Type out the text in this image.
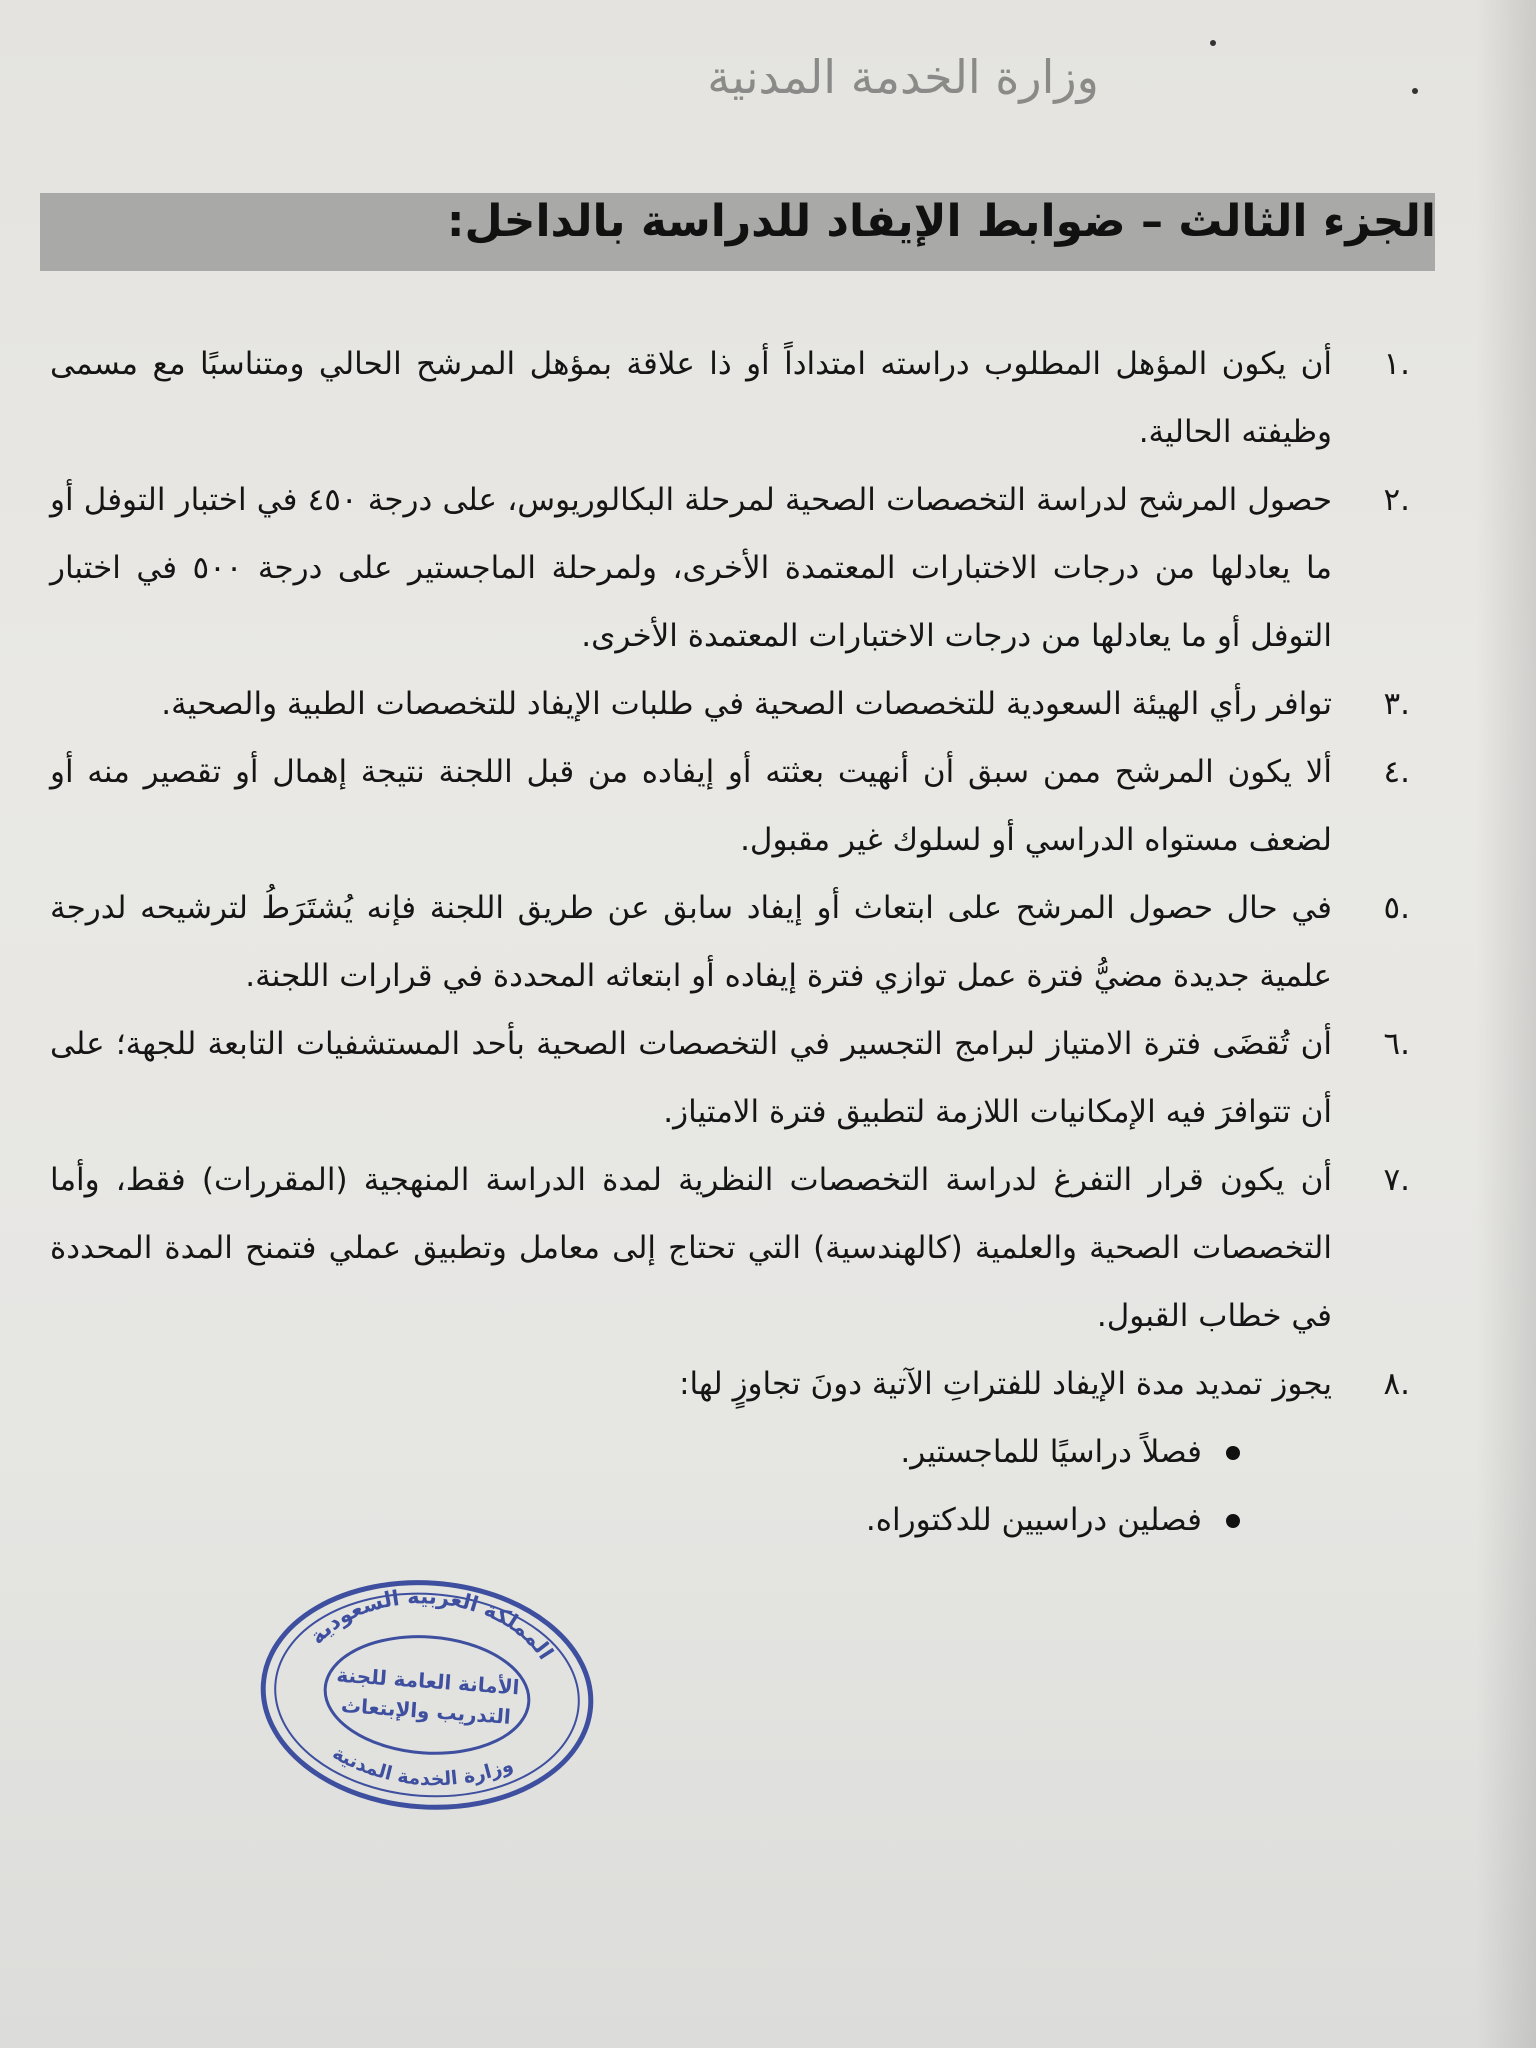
وزارة الخدمة المدنية
الجزء الثالث – ضوابط الإيفاد للدراسة بالداخل:
.١
أن يكون المؤهل المطلوب دراسته امتداداً أو ذا علاقة بمؤهل المرشح الحالي ومتناسبًا مع مسمى وظيفته الحالية.
.٢
حصول المرشح لدراسة التخصصات الصحية لمرحلة البكالوريوس، على درجة ٤٥٠ في اختبار التوفل أو ما يعادلها من درجات الاختبارات المعتمدة الأخرى، ولمرحلة الماجستير على درجة ٥٠٠ في اختبار التوفل أو ما يعادلها من درجات الاختبارات المعتمدة الأخرى.
.٣
توافر رأي الهيئة السعودية للتخصصات الصحية في طلبات الإيفاد للتخصصات الطبية والصحية.
.٤
ألا يكون المرشح ممن سبق أن أنهيت بعثته أو إيفاده من قبل اللجنة نتيجة إهمال أو تقصير منه أو لضعف مستواه الدراسي أو لسلوك غير مقبول.
.٥
في حال حصول المرشح على ابتعاث أو إيفاد سابق عن طريق اللجنة فإنه يُشتَرَطُ لترشيحه لدرجة علمية جديدة مضيُّ فترة عمل توازي فترة إيفاده أو ابتعاثه المحددة في قرارات اللجنة.
.٦
أن تُقضَى فترة الامتياز لبرامج التجسير في التخصصات الصحية بأحد المستشفيات التابعة للجهة؛ على أن تتوافرَ فيه الإمكانيات اللازمة لتطبيق فترة الامتياز.
.٧
أن يكون قرار التفرغ لدراسة التخصصات النظرية لمدة الدراسة المنهجية (المقررات) فقط، وأما التخصصات الصحية والعلمية (كالهندسية) التي تحتاج إلى معامل وتطبيق عملي فتمنح المدة المحددة في خطاب القبول.
.٨
يجوز تمديد مدة الإيفاد للفتراتِ الآتية دونَ تجاوزٍ لها:
فصلاً دراسيًا للماجستير.
فصلين دراسيين للدكتوراه.
المملكة العربية السعودية
الأمانة العامة للجنة
التدريب والإبتعاث
وزارة الخدمة المدنية
